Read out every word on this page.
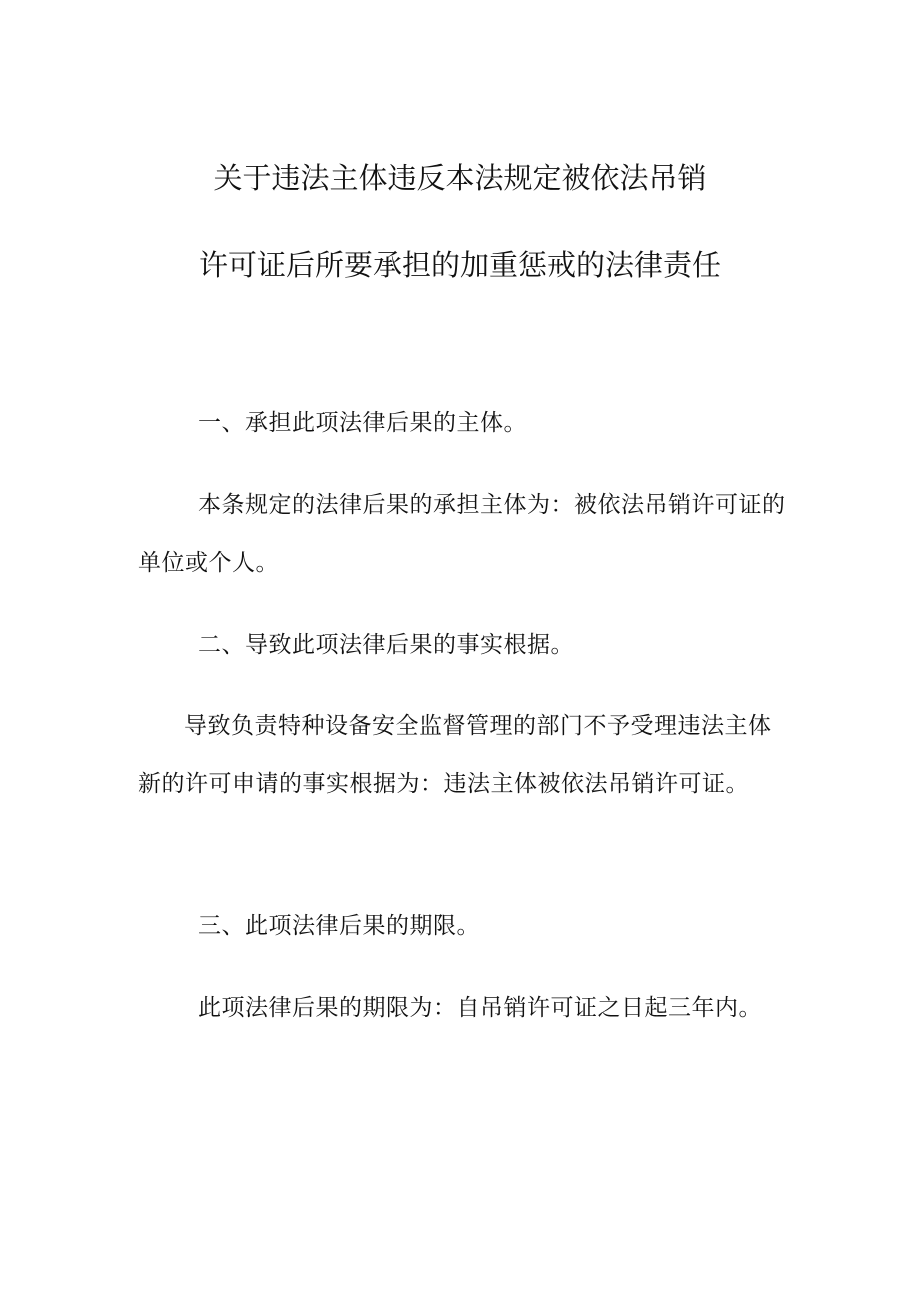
关于违法主体违反本法规定被依法吊销
许可证后所要承担的加重惩戒的法律责任
一、承担此项法律后果的主体。
本条规定的法律后果的承担主体为：被依法吊销许可证的单位或个人。
二、导致此项法律后果的事实根据。
导致负责特种设备安全监督管理的部门不予受理违法主体新的许可申请的事实根据为：违法主体被依法吊销许可证。
三、此项法律后果的期限。
此项法律后果的期限为：自吊销许可证之日起三年内。
